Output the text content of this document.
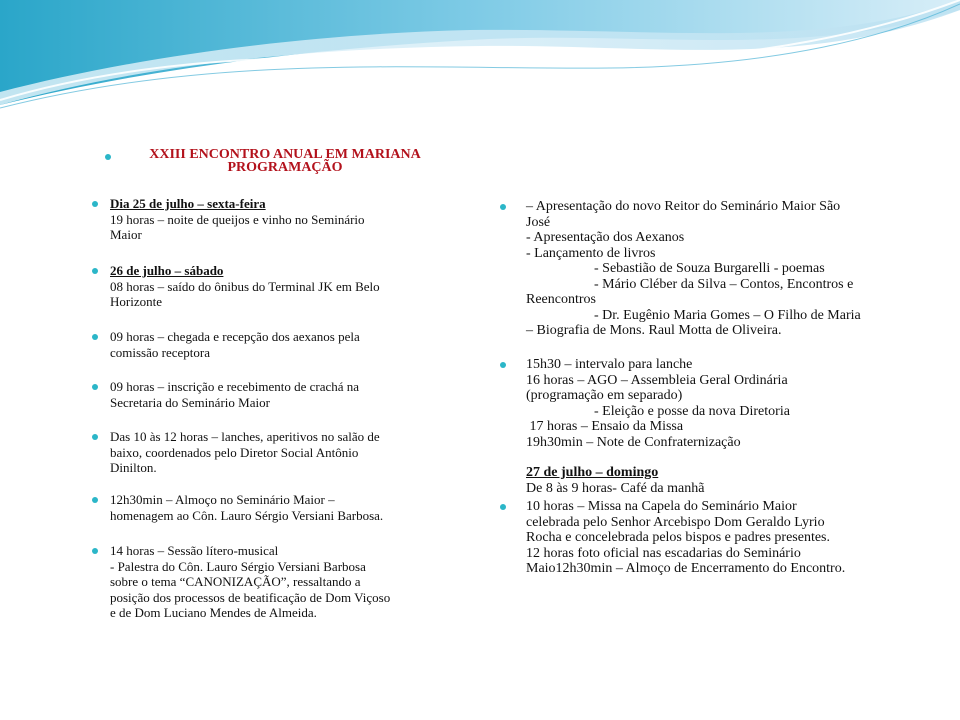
XXIII ENCONTRO ANUAL EM MARIANA
PROGRAMAÇÃO
Dia 25 de julho – sexta-feira
19 horas – noite de queijos e vinho no Seminário
Maior
26 de julho – sábado
08 horas – saído do ônibus do Terminal JK em Belo
Horizonte
09 horas – chegada e recepção dos aexanos pela
comissão receptora
09 horas – inscrição e recebimento de crachá na
Secretaria do Seminário Maior
Das 10 às 12 horas – lanches, aperitivos no salão de
baixo, coordenados pelo Diretor Social Antônio
Dinilton.
12h30min – Almoço no Seminário Maior –
homenagem ao Côn. Lauro Sérgio Versiani Barbosa.
14 horas – Sessão lítero-musical
- Palestra do Côn. Lauro Sérgio Versiani Barbosa
sobre o tema “CANONIZAÇÃO”, ressaltando a
posição dos processos de beatificação de Dom Viçoso
e de Dom Luciano Mendes de Almeida.
– Apresentação do novo Reitor do Seminário Maior São
José
- Apresentação dos Aexanos
- Lançamento de livros
- Sebastião de Souza Burgarelli - poemas
- Mário Cléber da Silva – Contos, Encontros e
Reencontros
- Dr. Eugênio Maria Gomes – O Filho de Maria
– Biografia de Mons. Raul Motta de Oliveira.
15h30 – intervalo para lanche
16 horas – AGO – Assembleia Geral Ordinária
(programação em separado)
- Eleição e posse da nova Diretoria
17 horas – Ensaio da Missa
19h30min – Note de Confraternização
27 de julho – domingo
De 8 às 9 horas- Café da manhã
10 horas – Missa na Capela do Seminário Maior
celebrada pelo Senhor Arcebispo Dom Geraldo Lyrio
Rocha e concelebrada pelos bispos e padres presentes.
12 horas foto oficial nas escadarias do Seminário
Maio12h30min – Almoço de Encerramento do Encontro.
